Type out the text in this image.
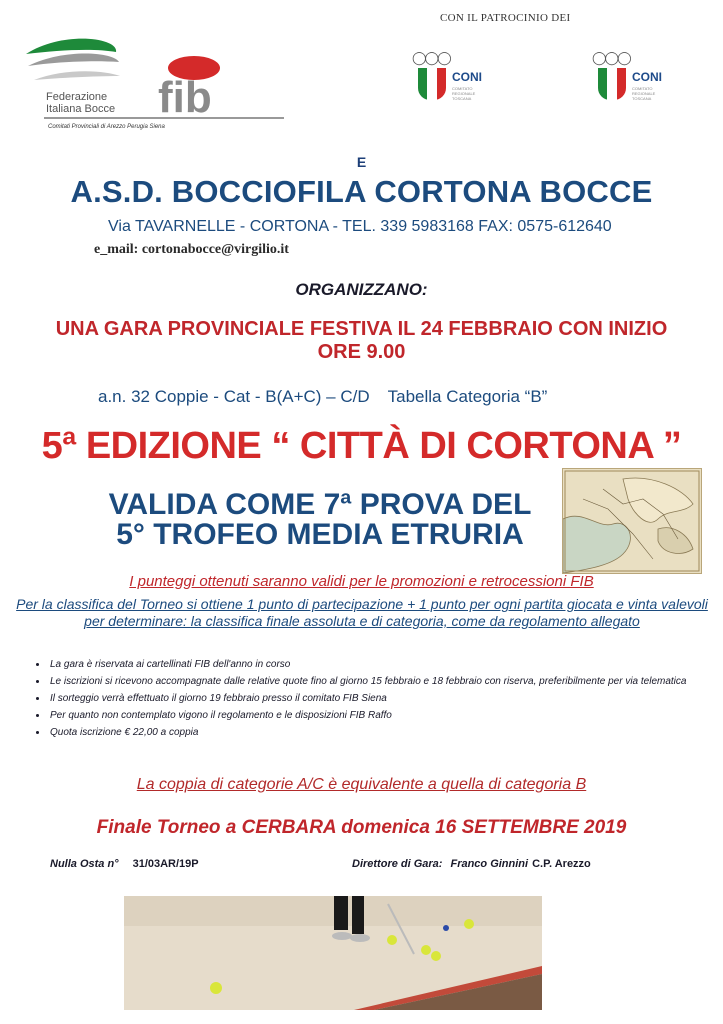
CON IL PATROCINIO DEI
Federazione
Italiana Bocce fib
Comitati Provinciali di Arezzo Perugia Siena
◯◯◯
CONI
COMITATO REGIONALE TOSCANA
◯◯◯
CONI
COMITATO REGIONALE TOSCANA
E
A.S.D. BOCCIOFILA CORTONA BOCCE
Via TAVARNELLE - CORTONA - TEL. 339 5983168 FAX: 0575-612640
e_mail: cortonabocce@virgilio.it
ORGANIZZANO:
UNA GARA PROVINCIALE FESTIVA IL 24 FEBBRAIO CON INIZIO ORE 9.00
a.n. 32 Coppie - Cat - B(A+C) – C/D Tabella Categoria “B”
5ª EDIZIONE “ CITTÀ DI CORTONA ”
VALIDA COME 7ª PROVA DEL
5° TROFEO MEDIA ETRURIA
I punteggi ottenuti saranno validi per le promozioni e retrocessioni FIB
Per la classifica del Torneo si ottiene 1 punto di partecipazione + 1 punto per ogni partita giocata e vinta valevoli per determinare: la classifica finale assoluta e di categoria, come da regolamento allegato
• La gara è riservata ai cartellinati FIB dell'anno in corso
• Le iscrizioni si ricevono accompagnate dalle relative quote fino al giorno 15 febbraio e 18 febbraio con riserva, preferibilmente per via telematica
• Il sorteggio verrà effettuato il giorno 19 febbraio presso il comitato FIB Siena
• Per quanto non contemplato vigono il regolamento e le disposizioni FIB Raffo
• Quota iscrizione € 22,00 a coppia
La coppia di categorie A/C è equivalente a quella di categoria B
Finale Torneo a CERBARA domenica 16 SETTEMBRE 2019
Nulla Osta n° 31/03AR/19P	Direttore di Gara: Franco Ginnini C.P. Arezzo
